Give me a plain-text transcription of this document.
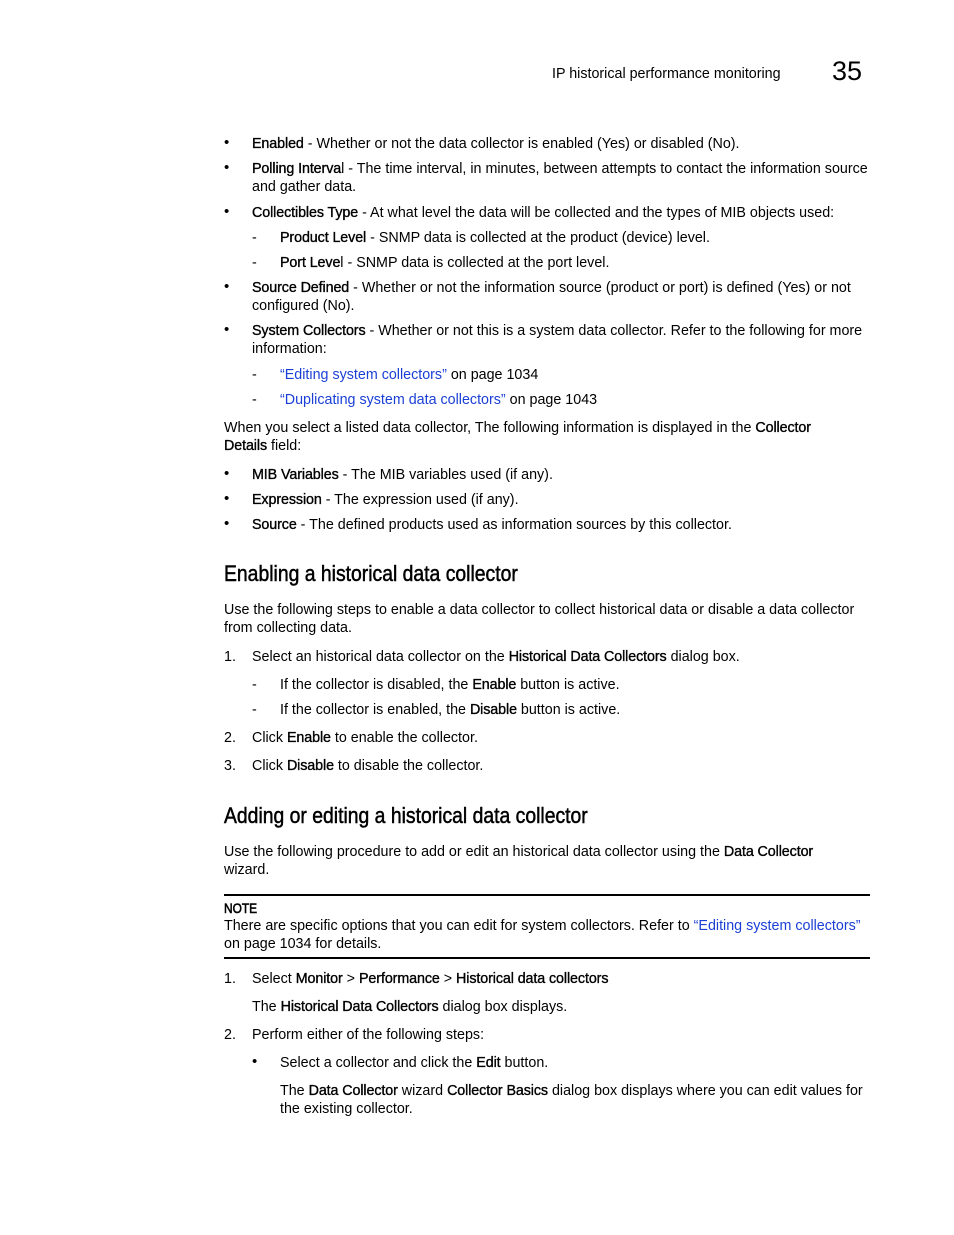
IP historical performance monitoring 35
• Enabled - Whether or not the data collector is enabled (Yes) or disabled (No).
• Polling Interval - The time interval, in minutes, between attempts to contact the information source and gather data.
• Collectibles Type - At what level the data will be collected and the types of MIB objects used:
- Product Level - SNMP data is collected at the product (device) level.
- Port Level - SNMP data is collected at the port level.
• Source Defined - Whether or not the information source (product or port) is defined (Yes) or not configured (No).
• System Collectors - Whether or not this is a system data collector. Refer to the following for more information:
- “Editing system collectors” on page 1034
- “Duplicating system data collectors” on page 1043
When you select a listed data collector, The following information is displayed in the Collector
Details field:
• MIB Variables - The MIB variables used (if any).
• Expression - The expression used (if any).
• Source - The defined products used as information sources by this collector.
Enabling a historical data collector
Use the following steps to enable a data collector to collect historical data or disable a data collector from collecting data.
1. Select an historical data collector on the Historical Data Collectors dialog box.
- If the collector is disabled, the Enable button is active.
- If the collector is enabled, the Disable button is active.
2. Click Enable to enable the collector.
3. Click Disable to disable the collector.
Adding or editing a historical data collector
Use the following procedure to add or edit an historical data collector using the Data Collector
wizard.
NOTE
There are specific options that you can edit for system collectors. Refer to “Editing system collectors”
on page 1034 for details.
1. Select Monitor > Performance > Historical data collectors
The Historical Data Collectors dialog box displays.
2. Perform either of the following steps:
• Select a collector and click the Edit button.
The Data Collector wizard Collector Basics dialog box displays where you can edit values for the existing collector.
